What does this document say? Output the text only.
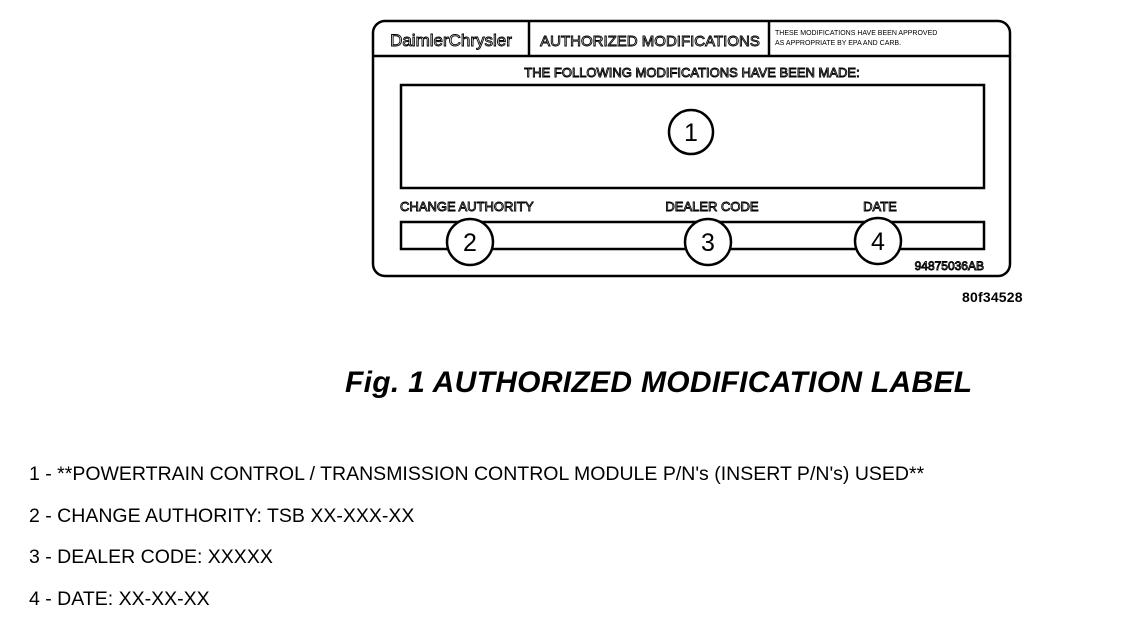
DaimlerChrysler AUTHORIZED MODIFICATIONS THESE MODIFICATIONS HAVE BEEN APPROVED
AS APPROPRIATE BY EPA AND CARB.
THE FOLLOWING MODIFICATIONS HAVE BEEN MADE:
1
CHANGE AUTHORITY	DEALER CODE	DATE
2	3	4
94875036AB
80f34528
Fig. 1 AUTHORIZED MODIFICATION LABEL
1 - **POWERTRAIN CONTROL / TRANSMISSION CONTROL MODULE P/N's (INSERT P/N's) USED**
2 - CHANGE AUTHORITY: TSB XX-XXX-XX
3 - DEALER CODE: XXXXX
4 - DATE: XX-XX-XX
